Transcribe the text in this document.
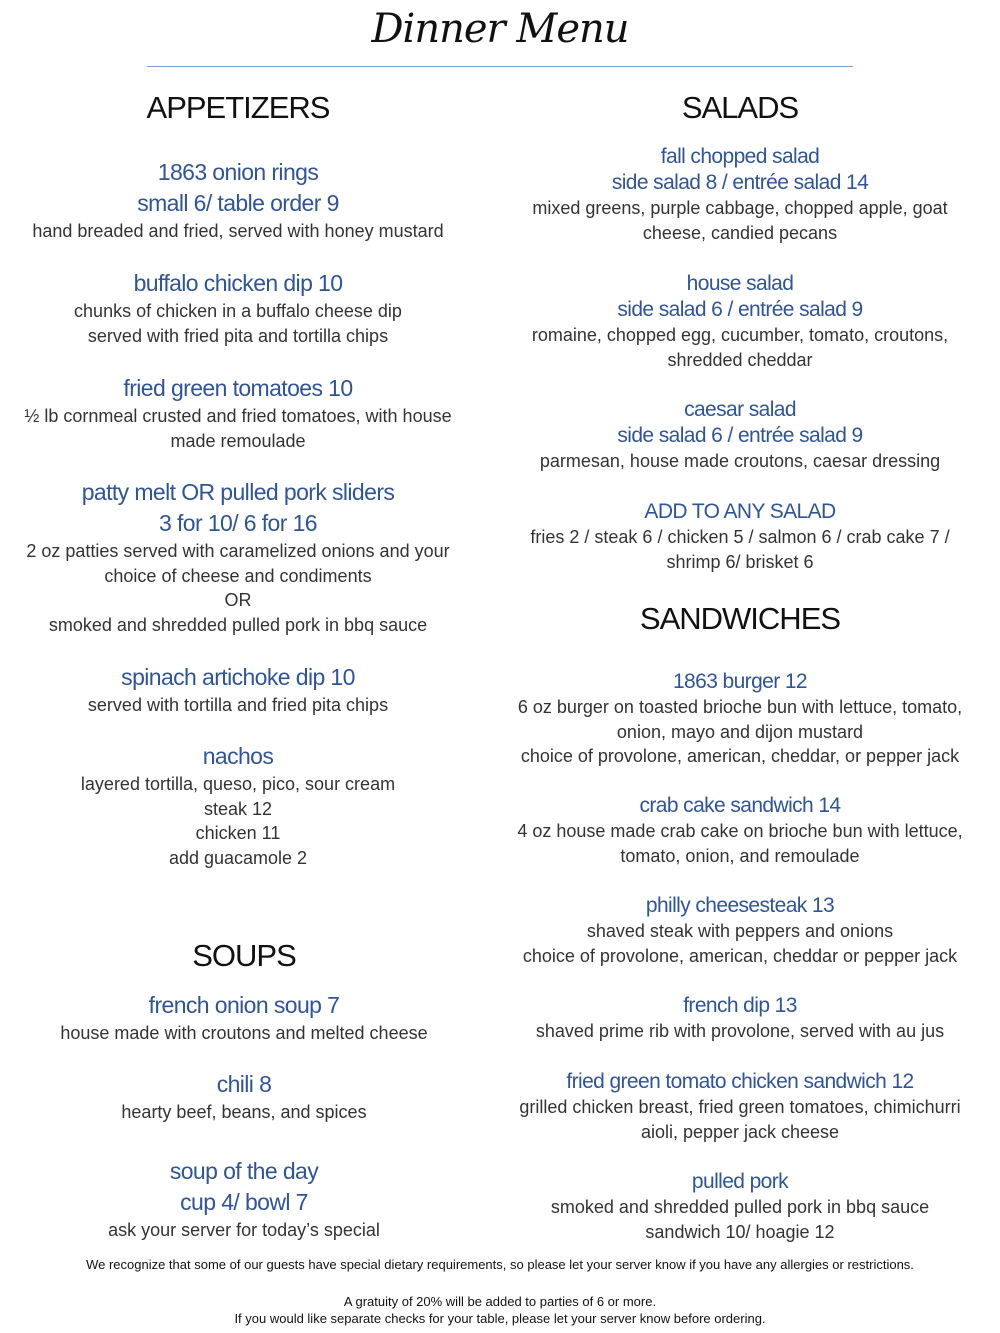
Dinner Menu
APPETIZERS
1863 onion rings
small 6/ table order 9
hand breaded and fried, served with honey mustard
buffalo chicken dip 10
chunks of chicken in a buffalo cheese dip
served with fried pita and tortilla chips
fried green tomatoes 10
½ lb cornmeal crusted and fried tomatoes, with house
made remoulade
patty melt OR pulled pork sliders
3 for 10/ 6 for 16
2 oz patties served with caramelized onions and your
choice of cheese and condiments
OR
smoked and shredded pulled pork in bbq sauce
spinach artichoke dip 10
served with tortilla and fried pita chips
nachos
layered tortilla, queso, pico, sour cream
steak 12
chicken 11
add guacamole 2
SOUPS
french onion soup 7
house made with croutons and melted cheese
chili 8
hearty beef, beans, and spices
soup of the day
cup 4/ bowl 7
ask your server for today’s special
SALADS
fall chopped salad
side salad 8 / entrée salad 14
mixed greens, purple cabbage, chopped apple, goat
cheese, candied pecans
house salad
side salad 6 / entrée salad 9
romaine, chopped egg, cucumber, tomato, croutons,
shredded cheddar
caesar salad
side salad 6 / entrée salad 9
parmesan, house made croutons, caesar dressing
ADD TO ANY SALAD
fries 2 / steak 6 / chicken 5 / salmon 6 / crab cake 7 /
shrimp 6/ brisket 6
SANDWICHES
1863 burger 12
6 oz burger on toasted brioche bun with lettuce, tomato,
onion, mayo and dijon mustard
choice of provolone, american, cheddar, or pepper jack
crab cake sandwich 14
4 oz house made crab cake on brioche bun with lettuce,
tomato, onion, and remoulade
philly cheesesteak 13
shaved steak with peppers and onions
choice of provolone, american, cheddar or pepper jack
french dip 13
shaved prime rib with provolone, served with au jus
fried green tomato chicken sandwich 12
grilled chicken breast, fried green tomatoes, chimichurri
aioli, pepper jack cheese
pulled pork
smoked and shredded pulled pork in bbq sauce
sandwich 10/ hoagie 12
We recognize that some of our guests have special dietary requirements, so please let your server know if you have any allergies or restrictions.
A gratuity of 20% will be added to parties of 6 or more.
If you would like separate checks for your table, please let your server know before ordering.
